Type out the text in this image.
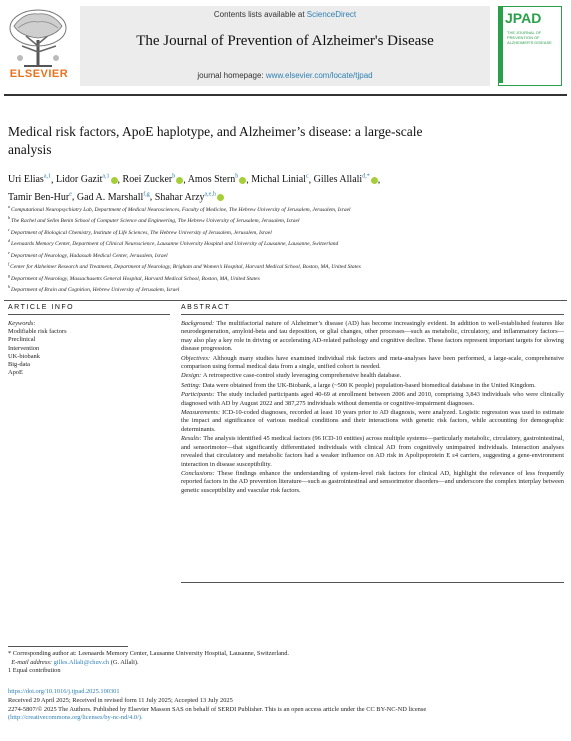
ELSEVIER
Contents lists available at ScienceDirect
The Journal of Prevention of Alzheimer's Disease
journal homepage: www.elsevier.com/locate/tjpad
JPAD
THE JOURNAL OF PREVENTION OF ALZHEIMER'S DISEASE
Medical risk factors, ApoE haplotype, and Alzheimer’s disease: a large-scale analysis
Uri Elias$^{a,1}$, Lidor Gazit$^{a,1}$ , Roei Zucker$^b$ , Amos Stern$^b$ , Michal Linial$^c$, Gilles Allali$^{d,*}$ ,
Tamir Ben-Hur$^e$, Gad A. Marshall$^{f,g}$, Shahar Arzy$^{a,e,h}$
$^a$ Computational Neuropsychiatry Lab, Department of Medical Neurosciences, Faculty of Medicine, The Hebrew University of Jerusalem, Jerusalem, Israel
$^b$ The Rachel and Selim Benin School of Computer Science and Engineering, The Hebrew University of Jerusalem, Jerusalem, Israel
$^c$ Department of Biological Chemistry, Institute of Life Sciences, The Hebrew University of Jerusalem, Jerusalem, Israel
$^d$ Leenaards Memory Center, Department of Clinical Neuroscience, Lausanne University Hospital and University of Lausanne, Lausanne, Switzerland
$^e$ Department of Neurology, Hadassah Medical Center, Jerusalem, Israel
$^f$ Center for Alzheimer Research and Treatment, Department of Neurology, Brigham and Women’s Hospital, Harvard Medical School, Boston, MA, United States
$^g$ Department of Neurology, Massachusetts General Hospital, Harvard Medical School, Boston, MA, United States
$^h$ Department of Brain and Cognition, Hebrew University of Jerusalem, Israel
ARTICLE INFO
Keywords:
Modifiable risk factors
Preclinical
Intervention
UK-biobank
Big-data
ApoE
ABSTRACT

Background: The multifactorial nature of Alzheimer’s disease (AD) has become increasingly evident. In addition to well-established features like neurodegeneration, amyloid-beta and tau deposition, or glial changes, other processes—such as metabolic, circulatory, and inflammatory factors—may also play a key role in driving or accelerating AD-related pathology and cognitive decline. These factors represent important targets for slowing disease progression.

Objectives: Although many studies have examined individual risk factors and meta-analyses have been performed, a large-scale, comprehensive comparison using formal medical data from a single, unified cohort is needed.

Design: A retrospective case-control study leveraging comprehensive health database.

Setting: Data were obtained from the UK-Biobank, a large (~500 K people) population-based biomedical database in the United Kingdom.

Participants: The study included participants aged 40-69 at enrollment between 2006 and 2010, comprising 3,843 individuals who were clinically diagnosed with AD by August 2022 and 387,275 individuals without dementia or cognitive-impairment diagnoses.

Measurements: ICD-10-coded diagnoses, recorded at least 10 years prior to AD diagnosis, were analyzed. Logistic regression was used to estimate the impact and significance of various medical conditions and their interactions with genetic risk factors, while accounting for demographic determinants.

Results: The analysis identified 45 medical factors (96 ICD-10 entities) across multiple systems—particularly metabolic, circulatory, gastrointestinal, and sensorimotor—that significantly differentiated individuals with clinical AD from cognitively unimpaired individuals. Interaction analyses revealed that circulatory and metabolic factors had a weaker influence on AD risk in Apolipoprotein E ε4 carriers, suggesting a gene-environment interaction in disease susceptibility.

Conclusions: These findings enhance the understanding of system-level risk factors for clinical AD, highlight the relevance of less frequently reported factors in the AD prevention literature—such as gastrointestinal and sensorimotor disorders—and underscore the complex interplay between genetic susceptibility and vascular risk factors.

* Corresponding author at: Leenaards Memory Center, Lausanne University Hospital, Lausanne, Switzerland.
E-mail address: gilles.Allali@chuv.ch (G. Allali).
1 Equal contribution
https://doi.org/10.1016/j.tjpad.2025.100301
Received 29 April 2025; Received in revised form 11 July 2025; Accepted 13 July 2025
2274-5807/© 2025 The Authors. Published by Elsevier Masson SAS on behalf of SERDI Publisher. This is an open access article under the CC BY-NC-ND license
(http://creativecommons.org/licenses/by-nc-nd/4.0/).
